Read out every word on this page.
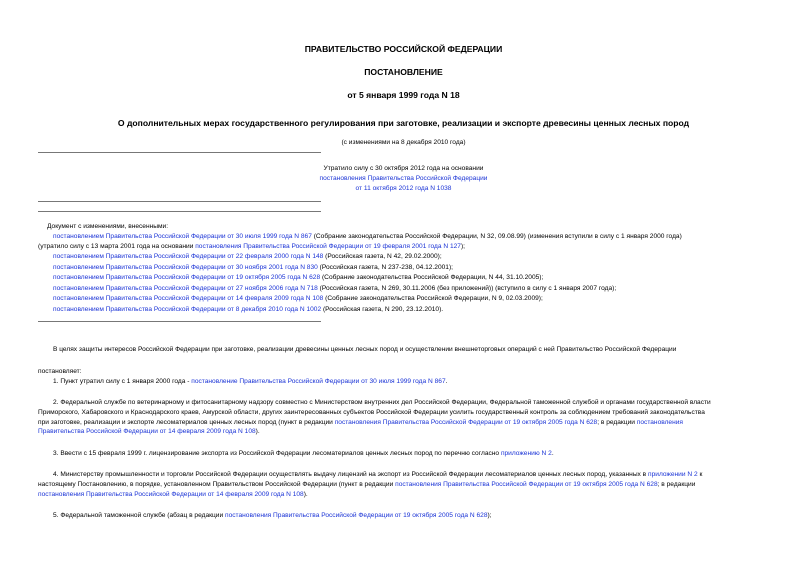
ПРАВИТЕЛЬСТВО РОССИЙСКОЙ ФЕДЕРАЦИИ
ПОСТАНОВЛЕНИЕ
от 5 января 1999 года N 18
О дополнительных мерах государственного регулирования при заготовке, реализации и экспорте древесины ценных лесных пород
(с изменениями на 8 декабря 2010 года)
Утратило силу с 30 октября 2012 года на основании
постановления Правительства Российской Федерации
от 11 октября 2012 года N 1038
Документ с изменениями, внесенными:
постановлением Правительства Российской Федерации от 30 июля 1999 года N 867 (Собрание законодательства Российской Федерации, N 32, 09.08.99) (изменения вступили в силу с 1 января 2000 года)
(утратило силу с 13 марта 2001 года на основании постановления Правительства Российской Федерации от 19 февраля 2001 года N 127);
постановлением Правительства Российской Федерации от 22 февраля 2000 года N 148 (Российская газета, N 42, 29.02.2000);
постановлением Правительства Российской Федерации от 30 ноября 2001 года N 830 (Российская газета, N 237-238, 04.12.2001);
постановлением Правительства Российской Федерации от 19 октября 2005 года N 628 (Собрание законодательства Российской Федерации, N 44, 31.10.2005);
постановлением Правительства Российской Федерации от 27 ноября 2006 года N 718 (Российская газета, N 269, 30.11.2006 (без приложений)) (вступило в силу с 1 января 2007 года);
постановлением Правительства Российской Федерации от 14 февраля 2009 года N 108 (Собрание законодательства Российской Федерации, N 9, 02.03.2009);
постановлением Правительства Российской Федерации от 8 декабря 2010 года N 1002 (Российская газета, N 290, 23.12.2010).
В целях защиты интересов Российской Федерации при заготовке, реализации древесины ценных лесных пород и осуществлении внешнеторговых операций с ней Правительство Российской Федерации
постановляет:
1. Пункт утратил силу с 1 января 2000 года - постановление Правительства Российской Федерации от 30 июля 1999 года N 867.
2. Федеральной службе по ветеринарному и фитосанитарному надзору совместно с Министерством внутренних дел Российской Федерации, Федеральной таможенной службой и органами государственной власти
Приморского, Хабаровского и Краснодарского краев, Амурской области, других заинтересованных субъектов Российской Федерации усилить государственный контроль за соблюдением требований законодательства
при заготовке, реализации и экспорте лесоматериалов ценных лесных пород (пункт в редакции постановления Правительства Российской Федерации от 19 октября 2005 года N 628; в редакции постановления
Правительства Российской Федерации от 14 февраля 2009 года N 108).
3. Ввести с 15 февраля 1999 г. лицензирование экспорта из Российской Федерации лесоматериалов ценных лесных пород по перечню согласно приложению N 2.
4. Министерству промышленности и торговли Российской Федерации осуществлять выдачу лицензий на экспорт из Российской Федерации лесоматериалов ценных лесных пород, указанных в приложении N 2 к
настоящему Постановлению, в порядке, установленном Правительством Российской Федерации (пункт в редакции постановления Правительства Российской Федерации от 19 октября 2005 года N 628; в редакции
постановления Правительства Российской Федерации от 14 февраля 2009 года N 108).
5. Федеральной таможенной службе (абзац в редакции постановления Правительства Российской Федерации от 19 октября 2005 года N 628);
